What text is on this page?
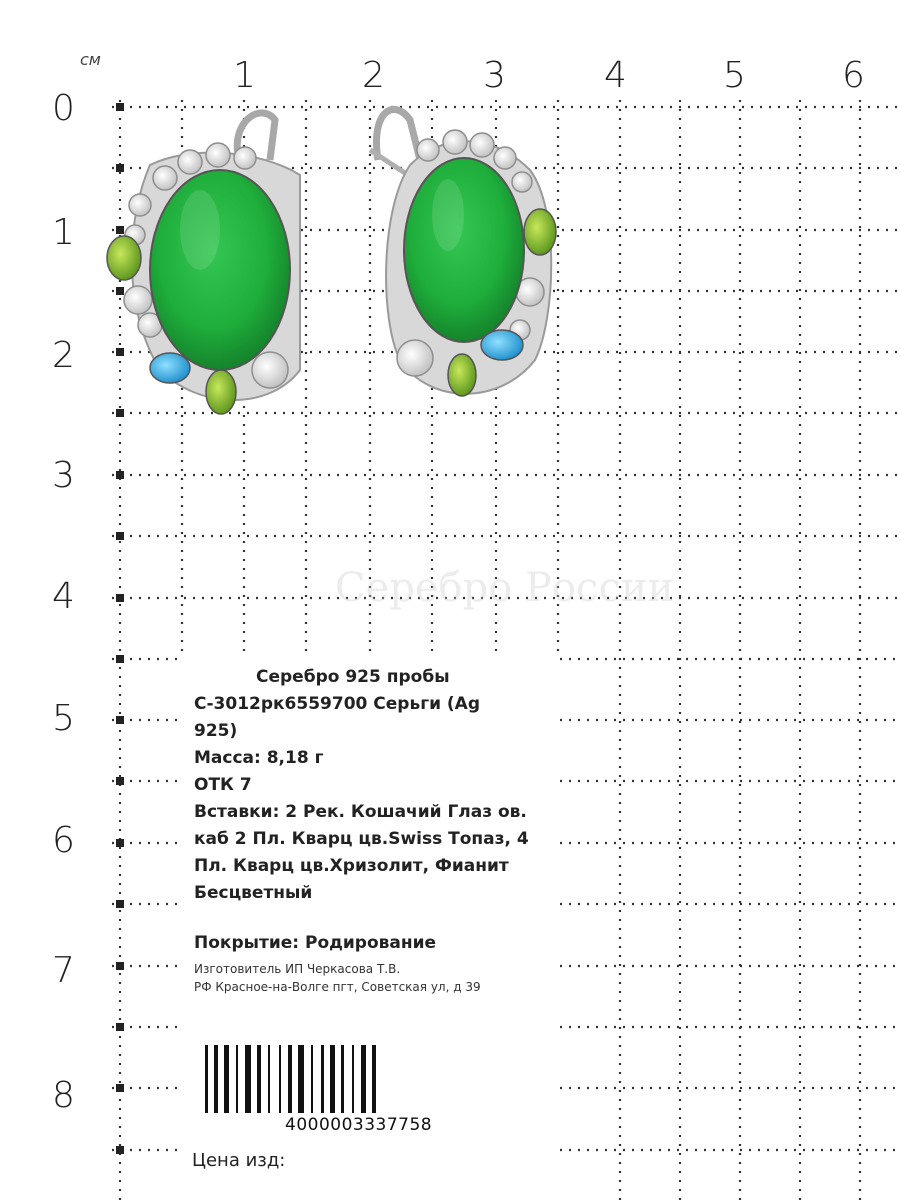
см	1	2	3	4	5	6
0
1
2
3
4
5
6
7
8
Серебро России
Серебро 925 пробы
С-3012рк6559700 Серьги (Ag
925)
Масса: 8,18 г
ОТК 7
Вставки: 2 Рек. Кошачий Глаз ов.
каб 2 Пл. Кварц цв.Swiss Топаз, 4
Пл. Кварц цв.Хризолит, Фианит
Бесцветный
Покрытие: Родирование
Изготовитель ИП Черкасова Т.В.
РФ Красное-на-Волге пгт, Советская ул, д 39
4000003337758
Цена изд:
